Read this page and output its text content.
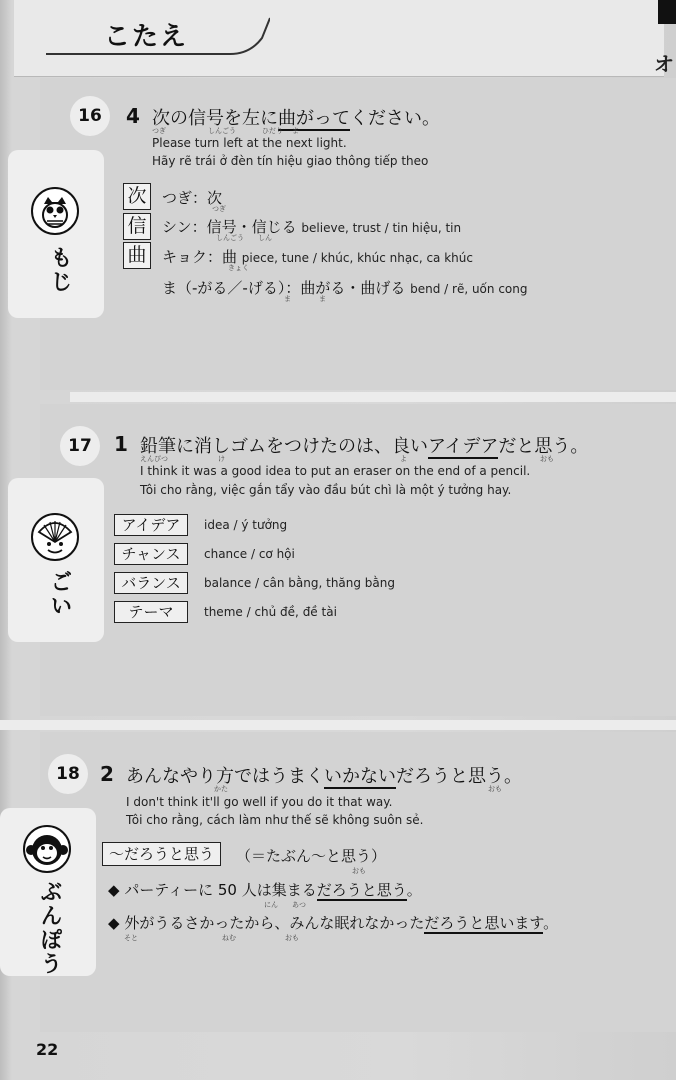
こたえ
オ
16	4 次の信号を左に曲がってください。
つぎ	しんごう	ひだり ま
Please turn left at the next light.
Hãy rẽ trái ở đèn tín hiệu giao thông tiếp theo
もじ
次	つぎ：次
つぎ
信	シン：信号・信じる believe, trust / tin hiệu, tin
しんごう　　しん
曲	キョク：曲 piece, tune / khúc, khúc nhạc, ca khúc
きょく
ま（-がる／-げる）：曲がる・曲げる bend / rẽ, uốn cong
ま　　　　ま
17	1 鉛筆に消しゴムをつけたのは、良いアイデアだと思う。
えんぴつ	け	よ	おも
I think it was a good idea to put an eraser on the end of a pencil.
Tôi cho rằng, việc gắn tẩy vào đầu bút chì là một ý tưởng hay.
ごい
アイデア	idea / ý tưởng
チャンス	chance / cơ hội
バランス	balance / cân bằng, thăng bằng
テーマ	theme / chủ đề, đề tài
18	2 あんなやり方ではうまくいかないだろうと思う。
かた	おも
I don't think it'll go well if you do it that way.
Tôi cho rằng, cách làm như thế sẽ không suôn sẻ.
ぶんぽう
～だろうと思う	（＝たぶん～と思う）
おも
◆ パーティーに 50 人は集まるだろうと思う。
にん　　あつ
◆ 外がうるさかったから、みんな眠れなかっただろうと思います。
そと　　　　　　　　　　　　ねむ　　　　　　　おも
22
